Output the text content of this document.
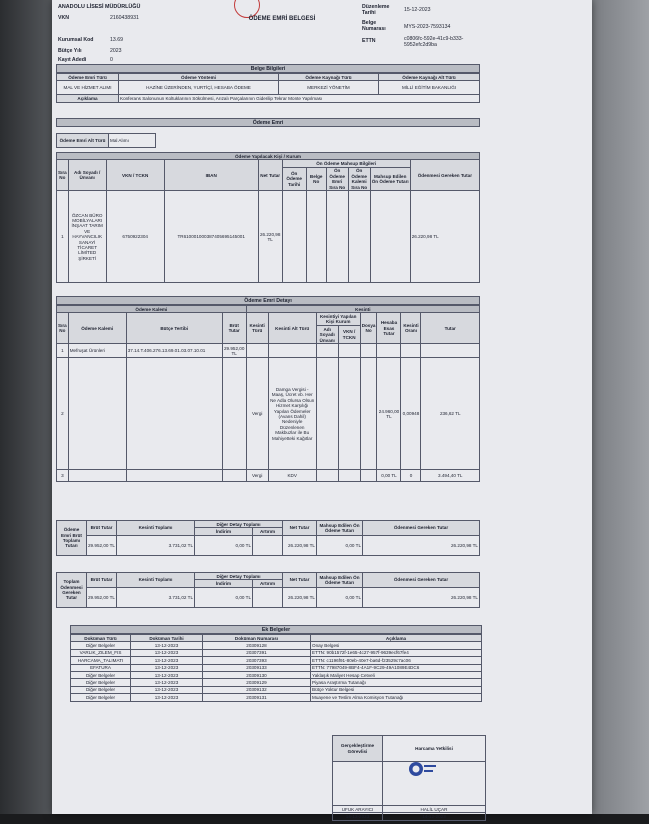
ANADOLU LİSESİ MÜDÜRLÜĞÜ
ÖDEME EMRİ BELGESİ
VKN	2160438931
Kurumsal Kod	13.69
Bütçe Yılı	2023
Kayıt Adedi	0
Düzenleme Tarihi	15-12-2023
Belge Numarası	MYS-2023-7593134
ETTN	c0806fc-592e-41c9-b333-5952efc2d9ba
Belge Bilgileri
Ödeme Emri Türü	Ödeme Yöntemi	Ödeme Kaynağı Türü	Ödeme Kaynağı Alt Türü
MAL VE HİZMET ALIMI	HAZİNE ÜZERİNDEN, YURTİÇİ, HESABA ÖDEME	MERKEZİ YÖNETİM	MİLLİ EĞİTİM BAKANLIĞI
Açıklama	Konferans Salonunun Koltuklarının Sökülmesi, Arızalı Parçalarının Giderilip Tekrar Monte Yapılması		
Ödeme Emri
Ödeme Emri Alt Türü	Mal Alımı
Ödeme Yapılacak Kişi / Kurum										
Sıra No	Adı Soyadı / Ünvanı	VKN / TCKN	IBAN	Net Tutar	Ön Ödeme Mahsup Bilgileri					Ödenmesi Gereken Tutar
					Ön Ödeme Tarihi	Belge No	Ön Ödeme Emri Sıra No	Ön Ödeme Kalemi Sıra No	Mahsup Edilen Ön Ödeme Tutarı	
1	ÖZCAN BÜRO MOBİLYALARI İNŞAAT TARIM VE HAYVANCILIK SANAYİ TİCARET LİMİTED ŞİRKETİ	6750922304	TR610001000387405695145001	26.220,98 TL						26.220,98 TL
Ödeme Emri Detayı
Ödeme Kalemi				Kesinti							
Sıra No	Ödeme Kalemi	Bütçe Tertibi	Brüt Tutar	Kesinti Türü	Kesinti Alt Türü	Kesintiyi Yapılan Kişi Kurum		Dosya No	Hesaba Esas Tutar	Kesinti Oranı	Tutar
						Adı Soyadı Ünvanı	VKN / TCKN				
1	Mefruşat Ürünleri	37.14.T.406.276.13.69.01.03.07.10.01	29.952,00 TL								
2				Vergi	Damga Vergisi - Maaş, Ücret vb. Her Ne Adla Olursa Olsun Hizmet Karşılığı Yapılan Ödemeler (Avans Dahil) Nedeniyle Düzenlenen Makbuzlar ile Bu Mahiyetteki Kağıtlar				24.960,00 TL	0,00948	236,62 TL
3				Vergi	KDV				0,00 TL	0	3.494,40 TL
Ödeme Emri Brüt Toplamı Tutarı	Brüt Tutar	Kesinti Toplamı	Diğer Detay Toplamı		Net Tutar	Mahsup Edilen Ön Ödeme Tutarı	Ödenmesi Gereken Tutar
			İndirim	Artırım			
	29.952,00 TL	3.731,02 TL	0,00 TL		26.220,98 TL	0,00 TL	26.220,98 TL
Toplam Ödenmesi Gereken Tutar	Brüt Tutar	Kesinti Toplamı	Diğer Detay Toplamı		Net Tutar	Mahsup Edilen Ön Ödeme Tutarı	Ödenmesi Gereken Tutar
			İndirim	Artırım			
	29.952,00 TL	3.731,02 TL	0,00 TL		26.220,98 TL	0,00 TL	26.220,98 TL
Ek Belgeler
Doküman Türü	Doküman Tarihi	Doküman Numarası	Açıklama
Diğer Belgeler	13-12-2023	20309128	Onay Belgesi
VARLIK_ZILEM_FIS	13-12-2023	20307391	ETTN: 90b1572f-1e65-4c27-957f-9639ecf67fe4
HARCAMA_TALIMATI	13-12-2023	20307393	ETTN: c1196f91-80eb-40e7-ba6d-f23529c7ac06
EFATURA	13-12-2023	20309133	ETTN: 77987049-8BF4-4A1F-9C29-49A1089E4DC6
Diğer Belgeler	13-12-2023	20309130	Yaklaşık Maliyet Hesap Cetveli
Diğer Belgeler	13-12-2023	20309129	Piyasa Araştırma Tutanağı
Diğer Belgeler	13-12-2023	20309132	Bütçe Yoktur Belgesi
Diğer Belgeler	13-12-2023	20309131	Muayene ve Teslim Alma Komisyon Tutanağı
Gerçekleştirme Görevlisi	Harcama Yetkilisi

UFUK ARAYICI	HALİL UÇAR
14-12-2023	14-12-2023
